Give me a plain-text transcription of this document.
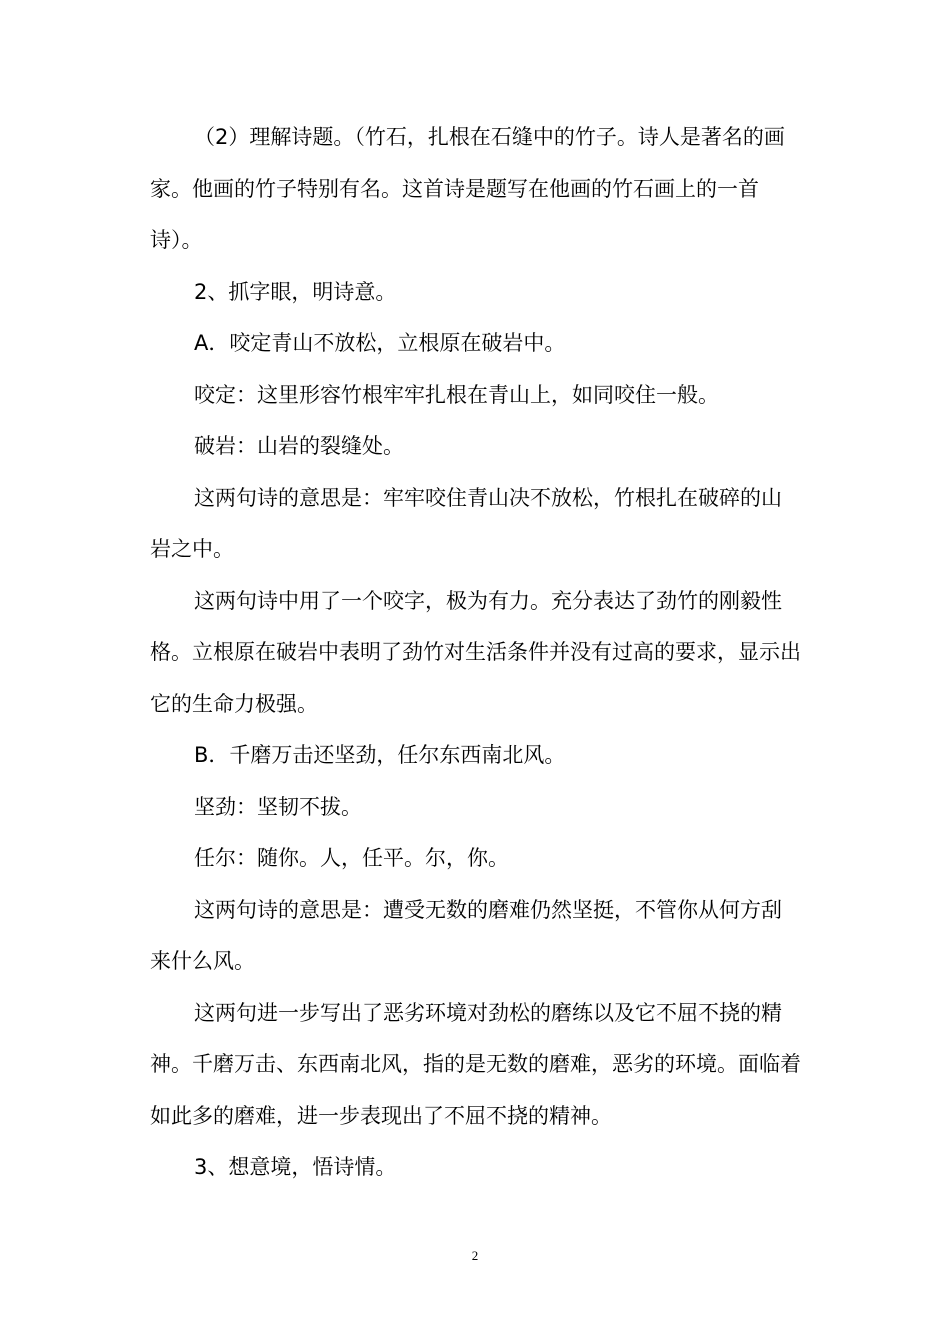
（2）理解诗题。（竹石，扎根在石缝中的竹子。诗人是著名的画家。他画的竹子特别有名。这首诗是题写在他画的竹石画上的一首诗）。

2、抓字眼，明诗意。

A．咬定青山不放松，立根原在破岩中。

咬定：这里形容竹根牢牢扎根在青山上，如同咬住一般。

破岩：山岩的裂缝处。

这两句诗的意思是：牢牢咬住青山决不放松，竹根扎在破碎的山岩之中。

这两句诗中用了一个咬字，极为有力。充分表达了劲竹的刚毅性格。立根原在破岩中表明了劲竹对生活条件并没有过高的要求，显示出它的生命力极强。

B．千磨万击还坚劲，任尔东西南北风。

坚劲：坚韧不拔。

任尔：随你。人，任平。尔，你。

这两句诗的意思是：遭受无数的磨难仍然坚挺，不管你从何方刮来什么风。

这两句进一步写出了恶劣环境对劲松的磨练以及它不屈不挠的精神。千磨万击、东西南北风，指的是无数的磨难，恶劣的环境。面临着如此多的磨难，进一步表现出了不屈不挠的精神。

3、想意境，悟诗情。

2
